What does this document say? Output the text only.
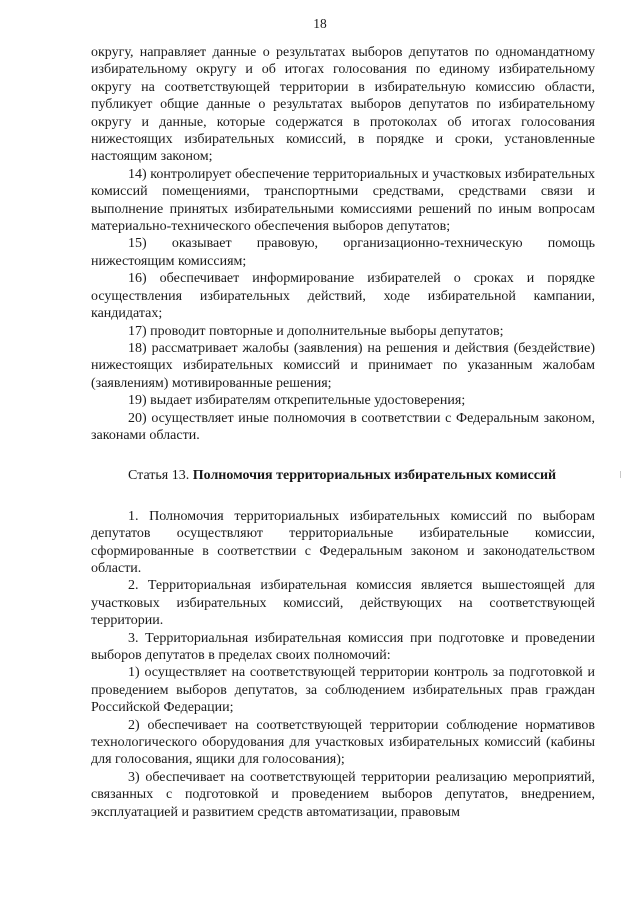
18

округу, направляет данные о результатах выборов депутатов по одномандатному избирательному округу и об итогах голосования по единому избирательному округу на соответствующей территории в избирательную комиссию области, публикует общие данные о результатах выборов депутатов по избирательному округу и данные, которые содержатся в протоколах об итогах голосования нижестоящих избирательных комиссий, в порядке и сроки, установленные настоящим законом;

14) контролирует обеспечение территориальных и участковых избирательных комиссий помещениями, транспортными средствами, средствами связи и выполнение принятых избирательными комиссиями решений по иным вопросам материально-технического обеспечения выборов депутатов;

15) оказывает правовую, организационно-техническую помощь нижестоящим комиссиям;

16) обеспечивает информирование избирателей о сроках и порядке осуществления избирательных действий, ходе избирательной кампании, кандидатах;

17) проводит повторные и дополнительные выборы депутатов;

18) рассматривает жалобы (заявления) на решения и действия (бездействие) нижестоящих избирательных комиссий и принимает по указанным жалобам (заявлениям) мотивированные решения;

19) выдает избирателям открепительные удостоверения;

20) осуществляет иные полномочия в соответствии с Федеральным законом, законами области.

Статья 13. Полномочия территориальных избирательных комиссий

1. Полномочия территориальных избирательных комиссий по выборам депутатов осуществляют территориальные избирательные комиссии, сформированные в соответствии с Федеральным законом и законодательством области.

2. Территориальная избирательная комиссия является вышестоящей для участковых избирательных комиссий, действующих на соответствующей территории.

3. Территориальная избирательная комиссия при подготовке и проведении выборов депутатов в пределах своих полномочий:

1) осуществляет на соответствующей территории контроль за подготовкой и проведением выборов депутатов, за соблюдением избирательных прав граждан Российской Федерации;

2) обеспечивает на соответствующей территории соблюдение нормативов технологического оборудования для участковых избирательных комиссий (кабины для голосования, ящики для голосования);

3) обеспечивает на соответствующей территории реализацию мероприятий, связанных с подготовкой и проведением выборов депутатов, внедрением, эксплуатацией и развитием средств автоматизации, правовым
